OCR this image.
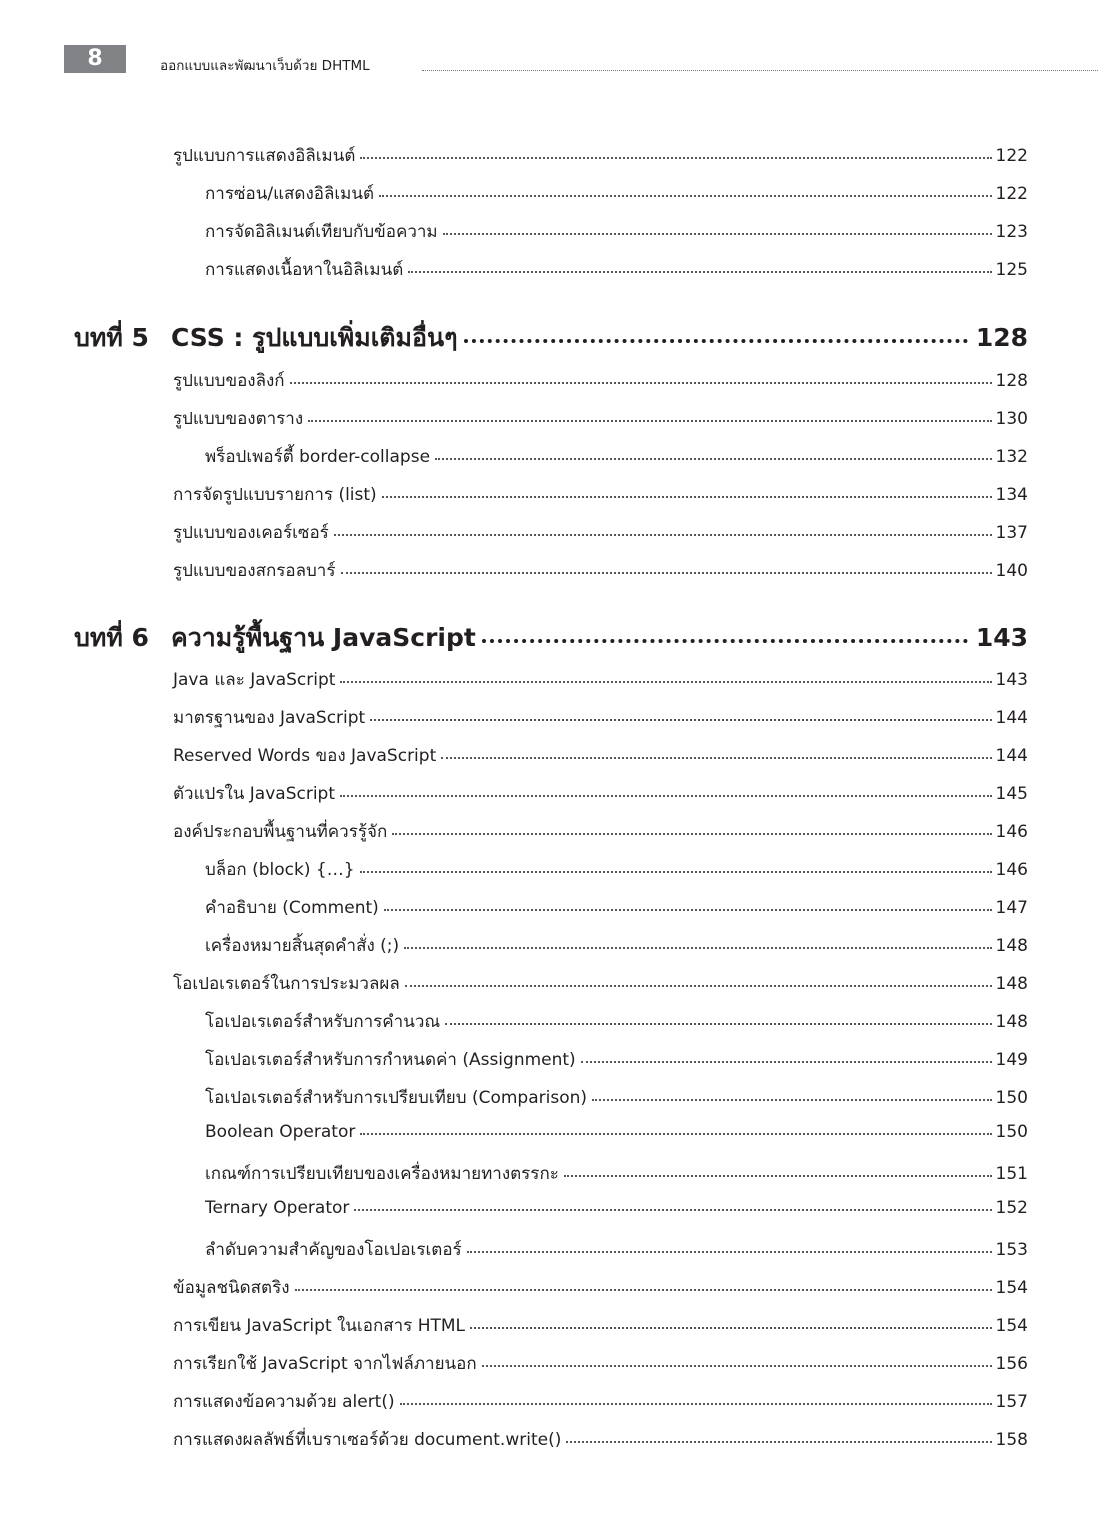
8	ออกแบบและพัฒนาเว็บด้วย DHTML
รูปแบบการแสดงอิลิเมนต์	122
การซ่อน/แสดงอิลิเมนต์	122
การจัดอิลิเมนต์เทียบกับข้อความ	123
การแสดงเนื้อหาในอิลิเมนต์	125
บทที่ 5 CSS : รูปแบบเพิ่มเติมอื่นๆ	128
รูปแบบของลิงก์	128
รูปแบบของตาราง	130
พร็อปเพอร์ตี้ border-collapse	132
การจัดรูปแบบรายการ (list)	134
รูปแบบของเคอร์เซอร์	137
รูปแบบของสกรอลบาร์	140
บทที่ 6 ความรู้พื้นฐาน JavaScript	143
Java และ JavaScript	143
มาตรฐานของ JavaScript	144
Reserved Words ของ JavaScript	144
ตัวแปรใน JavaScript	145
องค์ประกอบพื้นฐานที่ควรรู้จัก	146
บล็อก (block) {…}	146
คำอธิบาย (Comment)	147
เครื่องหมายสิ้นสุดคำสั่ง (;)	148
โอเปอเรเตอร์ในการประมวลผล	148
โอเปอเรเตอร์สำหรับการคำนวณ	148
โอเปอเรเตอร์สำหรับการกำหนดค่า (Assignment)	149
โอเปอเรเตอร์สำหรับการเปรียบเทียบ (Comparison)	150
Boolean Operator	150
เกณฑ์การเปรียบเทียบของเครื่องหมายทางตรรกะ	151
Ternary Operator	152
ลำดับความสำคัญของโอเปอเรเตอร์	153
ข้อมูลชนิดสตริง	154
การเขียน JavaScript ในเอกสาร HTML	154
การเรียกใช้ JavaScript จากไฟล์ภายนอก	156
การแสดงข้อความด้วย alert()	157
การแสดงผลลัพธ์ที่เบราเซอร์ด้วย document.write()	158
